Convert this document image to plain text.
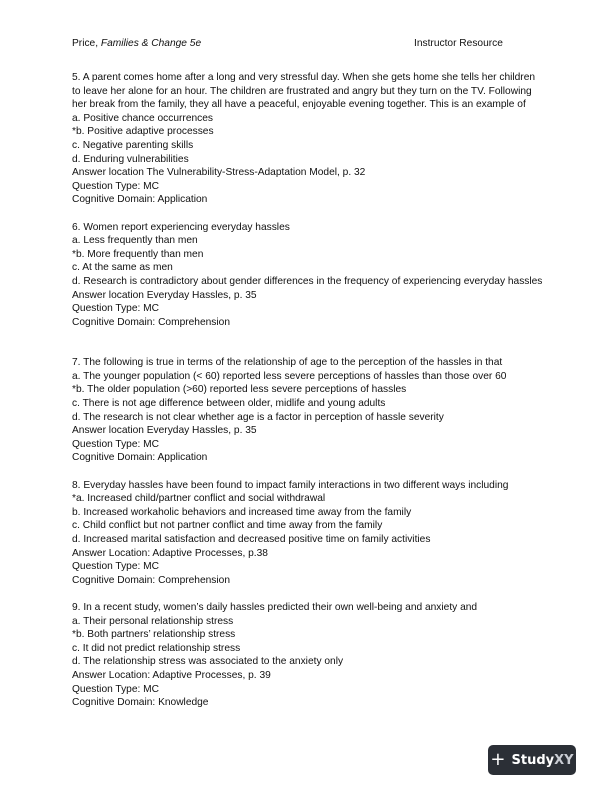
Price, Families & Change 5e	Instructor Resource
5. A parent comes home after a long and very stressful day. When she gets home she tells her children
to leave her alone for an hour. The children are frustrated and angry but they turn on the TV. Following
her break from the family, they all have a peaceful, enjoyable evening together. This is an example of
a. Positive chance occurrences
*b. Positive adaptive processes
c. Negative parenting skills
d. Enduring vulnerabilities
Answer location The Vulnerability-Stress-Adaptation Model, p. 32
Question Type: MC
Cognitive Domain: Application
6. Women report experiencing everyday hassles
a. Less frequently than men
*b. More frequently than men
c. At the same as men
d. Research is contradictory about gender differences in the frequency of experiencing everyday hassles
Answer location Everyday Hassles, p. 35
Question Type: MC
Cognitive Domain: Comprehension
7. The following is true in terms of the relationship of age to the perception of the hassles in that
a. The younger population (< 60) reported less severe perceptions of hassles than those over 60
*b. The older population (>60) reported less severe perceptions of hassles
c. There is not age difference between older, midlife and young adults
d. The research is not clear whether age is a factor in perception of hassle severity
Answer location Everyday Hassles, p. 35
Question Type: MC
Cognitive Domain: Application
8. Everyday hassles have been found to impact family interactions in two different ways including
*a. Increased child/partner conflict and social withdrawal
b. Increased workaholic behaviors and increased time away from the family
c. Child conflict but not partner conflict and time away from the family
d. Increased marital satisfaction and decreased positive time on family activities
Answer Location: Adaptive Processes, p.38
Question Type: MC
Cognitive Domain: Comprehension
9. In a recent study, women’s daily hassles predicted their own well-being and anxiety and
a. Their personal relationship stress
*b. Both partners’ relationship stress
c. It did not predict relationship stress
d. The relationship stress was associated to the anxiety only
Answer Location: Adaptive Processes, p. 39
Question Type: MC
Cognitive Domain: Knowledge
+ StudyXY
